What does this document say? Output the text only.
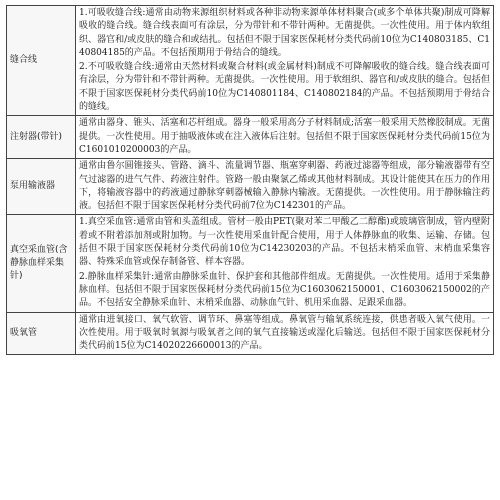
缝合线	1.可吸收缝合线:通常由动物来源组织材料或各种非动物来源单体材料聚合(或多个单体共聚)制成可降解吸收的缝合线。缝合线表面可有涂层，分为带针和不带针两种。无菌提供。一次性使用。用于体内软组织、器官和/或皮肤的缝合和或结扎。包括但不限于国家医保耗材分类代码前10位为C140803185、C140804185的产品。不包括预期用于骨结合的缝线。
2.不可吸收缝合线:通常由天然材料或聚合材料(或金属材料)制成不可降解吸收的缝合线。缝合线表面可有涂层，分为带针和不带针两种。无菌提供。一次性使用。用于软组织、器官和/或皮肤的缝合。包括但不限于国家医保耗材分类代码前10位为C140801184、C140802184的产品。不包括预期用于骨结合的缝线。

注射器(带针)	通常由器身、锥头、活塞和芯杆组成。器身一般采用高分子材料制成;活塞一般采用天然橡胶制成。无菌提供。一次性使用。用于抽吸液体或在注入液体后注射。包括但不限于国家医保耗材分类代码前15位为C1601010200003的产品。

泵用输液器	通常由鲁尔圆锥接头、管路、滴斗、流量调节器、瓶塞穿刺器、药液过滤器等组成，部分输液器带有空气过滤器的进气气件、药液注射件。管路一般由聚氯乙烯或其他材料制成。其设计能使其在压力的作用下，将输液容器中的药液通过静脉穿刺器械输入静脉内输液。无菌提供。一次性使用。用于静脉输注药液。包括但不限于国家医保耗材分类代码前7位为C142301的产品。

真空采血管(含静脉血样采集针)	1.真空采血管:通常由管和头盖组成。管材一般由PET(聚对苯二甲酸乙二醇酯)或玻璃管制成，管内壁附着或不附着添加剂或附加物。与一次性使用采血针配合使用，用于人体静脉血的收集、运输、存储。包括但不限于国家医保耗材分类代码前10位为C14230203的产品。不包括末梢采血管、末梢血采集容器、特殊采血管或保存制备管、样本容器。
2.静脉血样采集针:通常由静脉采血针、保护套和其他部件组成。无菌提供。一次性使用。适用于采集静脉血样。包括但不限于国家医保耗材分类代码前15位为C1603062150001、C1603062150002的产品。不包括安全静脉采血针、末梢采血器、动脉血气针、机用采血器、足跟采血器。

吸氧管	通常由进氧接口、氧气软管、调节环、鼻塞等组成。鼻氧管与输氧系统连接，供患者吸入氧气使用。一次性使用。用于吸氧时氧源与吸氧者之间的氧气直接输送或湿化后输送。包括但不限于国家医保耗材分类代码前15位为C14020226600013的产品。
